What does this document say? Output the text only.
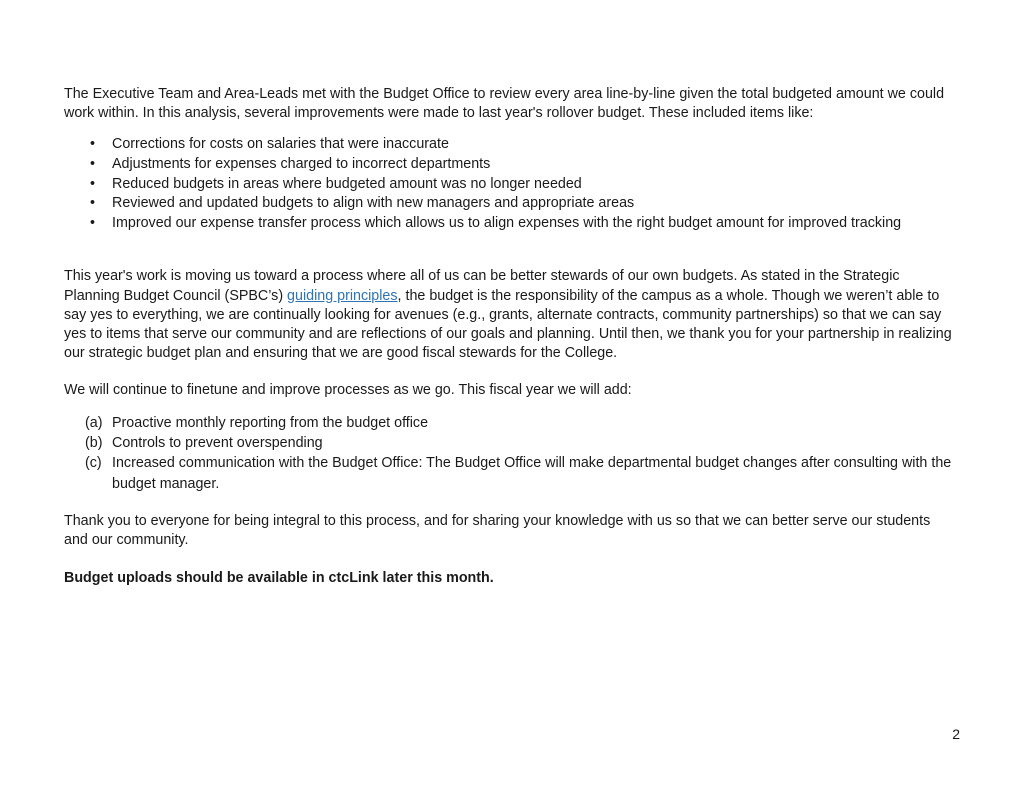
The Executive Team and Area-Leads met with the Budget Office to review every area line-by-line given the total budgeted amount we could work within. In this analysis, several improvements were made to last year's rollover budget. These included items like:

• Corrections for costs on salaries that were inaccurate
• Adjustments for expenses charged to incorrect departments
• Reduced budgets in areas where budgeted amount was no longer needed
• Reviewed and updated budgets to align with new managers and appropriate areas
• Improved our expense transfer process which allows us to align expenses with the right budget amount for improved tracking

This year's work is moving us toward a process where all of us can be better stewards of our own budgets. As stated in the Strategic Planning Budget Council (SPBC’s) guiding principles, the budget is the responsibility of the campus as a whole. Though we weren’t able to say yes to everything, we are continually looking for avenues (e.g., grants, alternate contracts, community partnerships) so that we can say yes to items that serve our community and are reflections of our goals and planning. Until then, we thank you for your partnership in realizing our strategic budget plan and ensuring that we are good fiscal stewards for the College.

We will continue to finetune and improve processes as we go. This fiscal year we will add:

(a) Proactive monthly reporting from the budget office
(b) Controls to prevent overspending
(c) Increased communication with the Budget Office: The Budget Office will make departmental budget changes after consulting with the budget manager.

Thank you to everyone for being integral to this process, and for sharing your knowledge with us so that we can better serve our students and our community.

Budget uploads should be available in ctcLink later this month.

2
